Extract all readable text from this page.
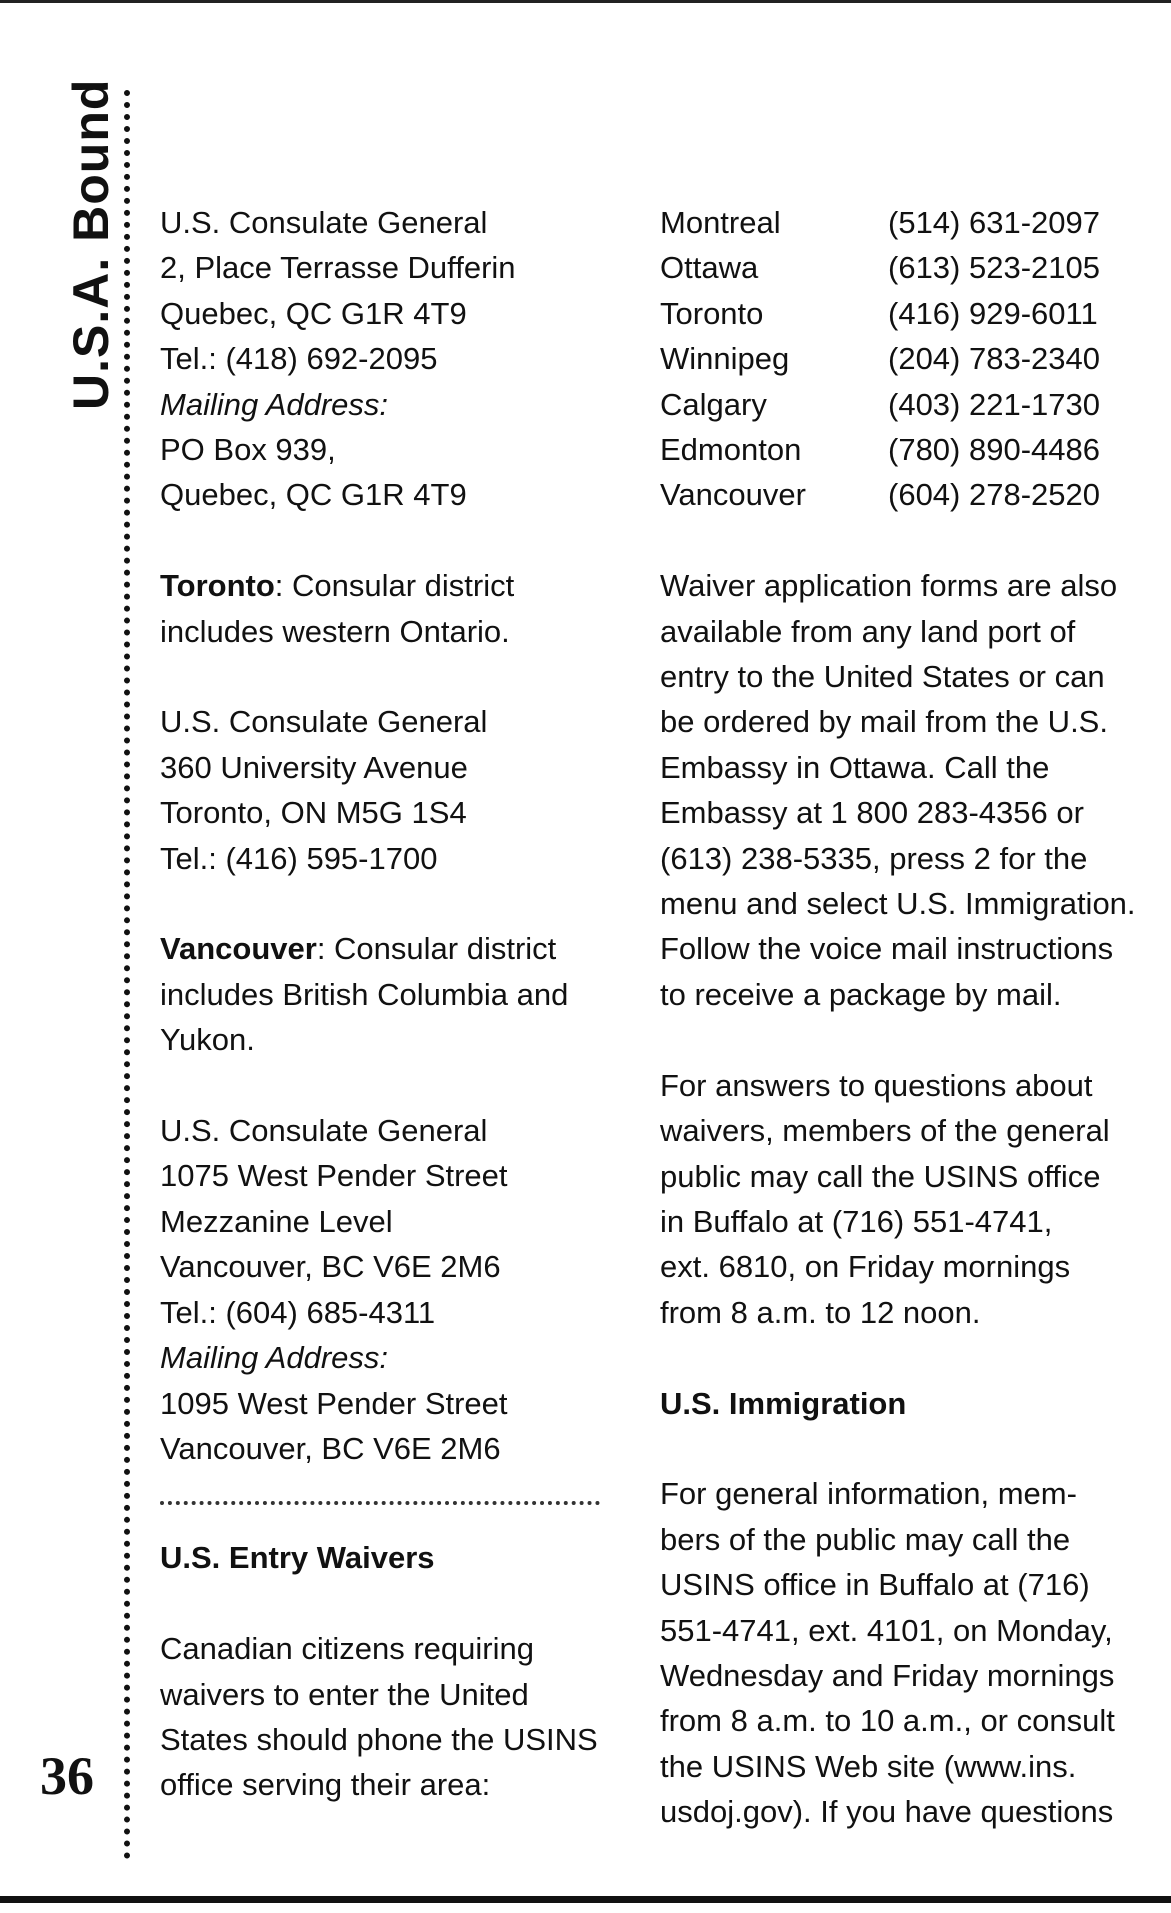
U.S.A. Bound
36
U.S. Consulate General
2, Place Terrasse Dufferin
Quebec, QC G1R 4T9
Tel.: (418) 692-2095
Mailing Address:
PO Box 939,
Quebec, QC G1R 4T9
Toronto: Consular district
includes western Ontario.
U.S. Consulate General
360 University Avenue
Toronto, ON M5G 1S4
Tel.: (416) 595-1700
Vancouver: Consular district
includes British Columbia and
Yukon.
U.S. Consulate General
1075 West Pender Street
Mezzanine Level
Vancouver, BC V6E 2M6
Tel.: (604) 685-4311
Mailing Address:
1095 West Pender Street
Vancouver, BC V6E 2M6
U.S. Entry Waivers
Canadian citizens requiring
waivers to enter the United
States should phone the USINS
office serving their area:
Montreal	(514) 631-2097
Ottawa	(613) 523-2105
Toronto	(416) 929-6011
Winnipeg	(204) 783-2340
Calgary	(403) 221-1730
Edmonton	(780) 890-4486
Vancouver	(604) 278-2520
Waiver application forms are also
available from any land port of
entry to the United States or can
be ordered by mail from the U.S.
Embassy in Ottawa. Call the
Embassy at 1 800 283-4356 or
(613) 238-5335, press 2 for the
menu and select U.S. Immigration.
Follow the voice mail instructions
to receive a package by mail.
For answers to questions about
waivers, members of the general
public may call the USINS office
in Buffalo at (716) 551-4741,
ext. 6810, on Friday mornings
from 8 a.m. to 12 noon.
U.S. Immigration
For general information, mem-
bers of the public may call the
USINS office in Buffalo at (716)
551-4741, ext. 4101, on Monday,
Wednesday and Friday mornings
from 8 a.m. to 10 a.m., or consult
the USINS Web site (www.ins.
usdoj.gov). If you have questions
